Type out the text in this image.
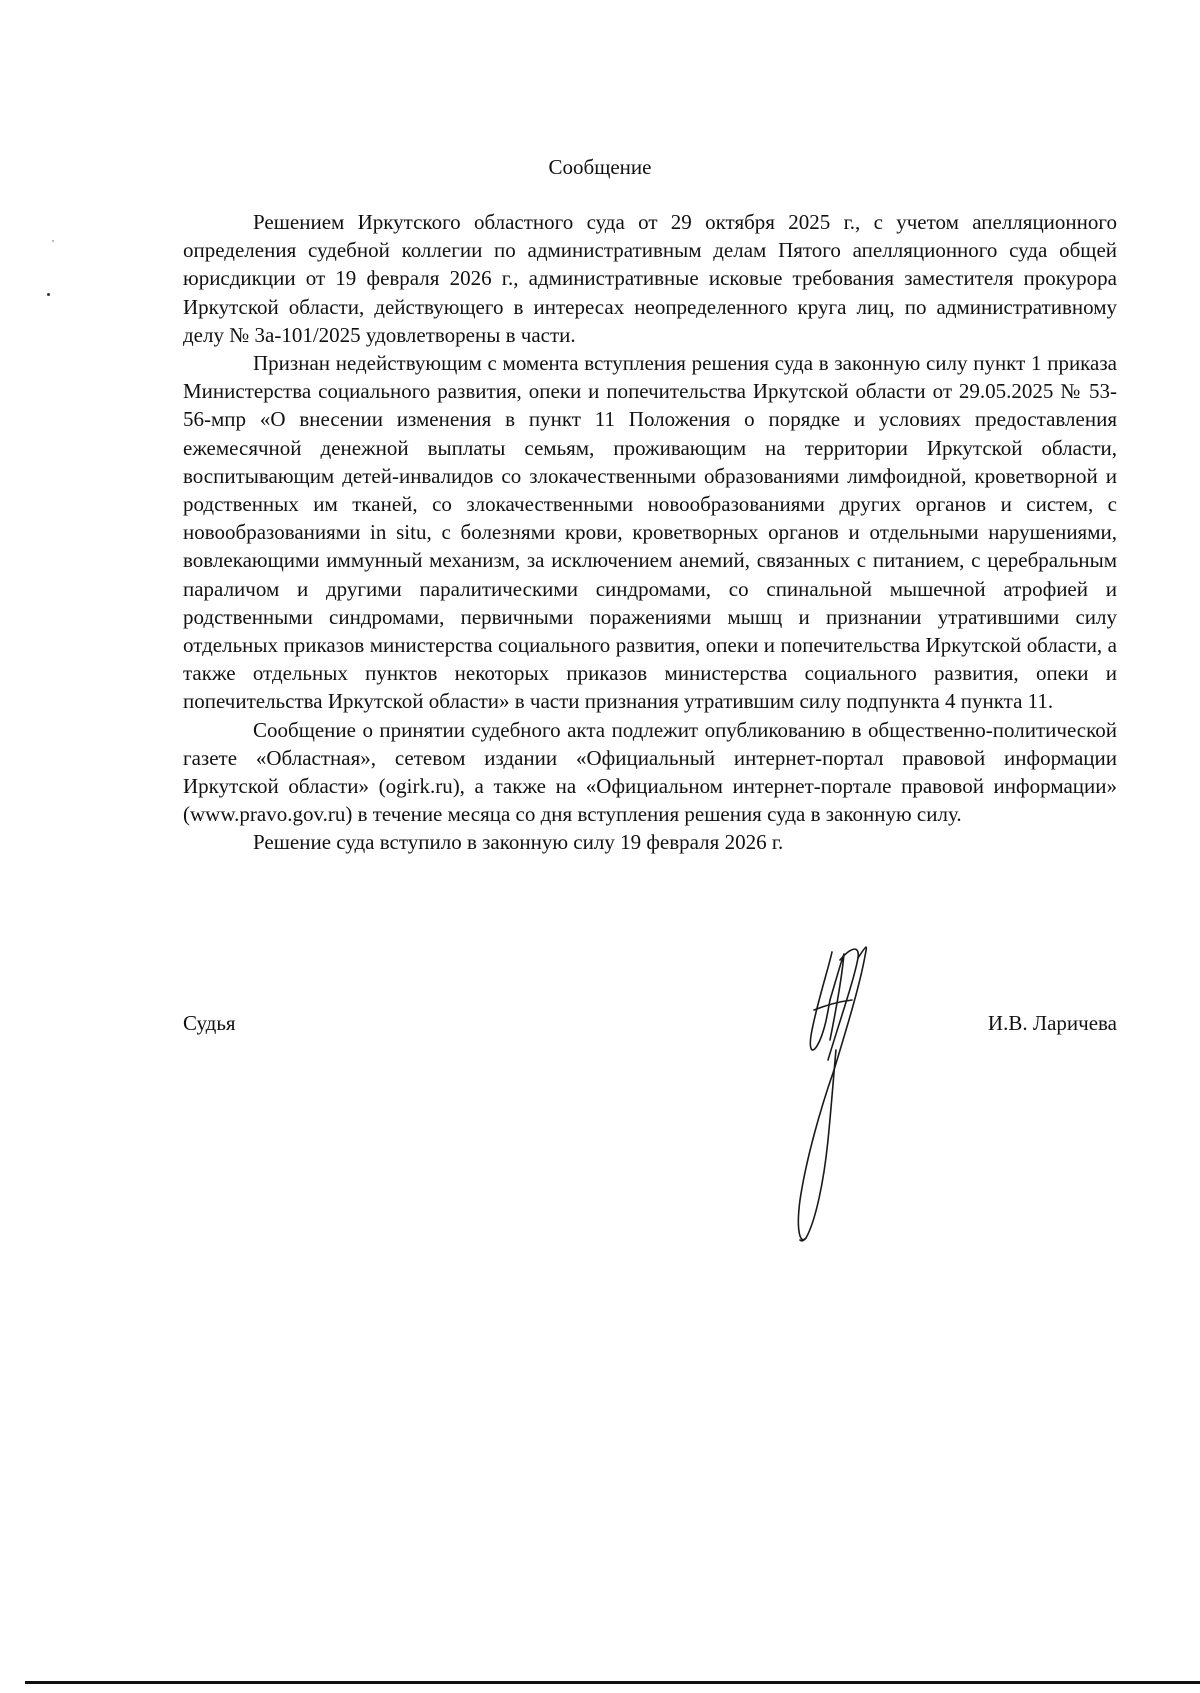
Сообщение

Решением Иркутского областного суда от 29 октября 2025 г., с учетом апелляционного определения судебной коллегии по административным делам Пятого апелляционного суда общей юрисдикции от 19 февраля 2026 г., административные исковые требования заместителя прокурора Иркутской области, действующего в интересах неопределенного круга лиц, по административному делу № 3а-101/2025 удовлетворены в части.

Признан недействующим с момента вступления решения суда в законную силу пункт 1 приказа Министерства социального развития, опеки и попечительства Иркутской области от 29.05.2025 № 53-56-мпр «О внесении изменения в пункт 11 Положения о порядке и условиях предоставления ежемесячной денежной выплаты семьям, проживающим на территории Иркутской области, воспитывающим детей-инвалидов со злокачественными образованиями лимфоидной, кроветворной и родственных им тканей, со злокачественными новообразованиями других органов и систем, с новообразованиями in situ, с болезнями крови, кроветворных органов и отдельными нарушениями, вовлекающими иммунный механизм, за исключением анемий, связанных с питанием, с церебральным параличом и другими паралитическими синдромами, со спинальной мышечной атрофией и родственными синдромами, первичными поражениями мышц и признании утратившими силу отдельных приказов министерства социального развития, опеки и попечительства Иркутской области, а также отдельных пунктов некоторых приказов министерства социального развития, опеки и попечительства Иркутской области» в части признания утратившим силу подпункта 4 пункта 11.

Сообщение о принятии судебного акта подлежит опубликованию в общественно-политической газете «Областная», сетевом издании «Официальный интернет-портал правовой информации Иркутской области» (ogirk.ru), а также на «Официальном интернет-портале правовой информации» (www.pravo.gov.ru) в течение месяца со дня вступления решения суда в законную силу.

Решение суда вступило в законную силу 19 февраля 2026 г.

Судья	И.В. Ларичева
